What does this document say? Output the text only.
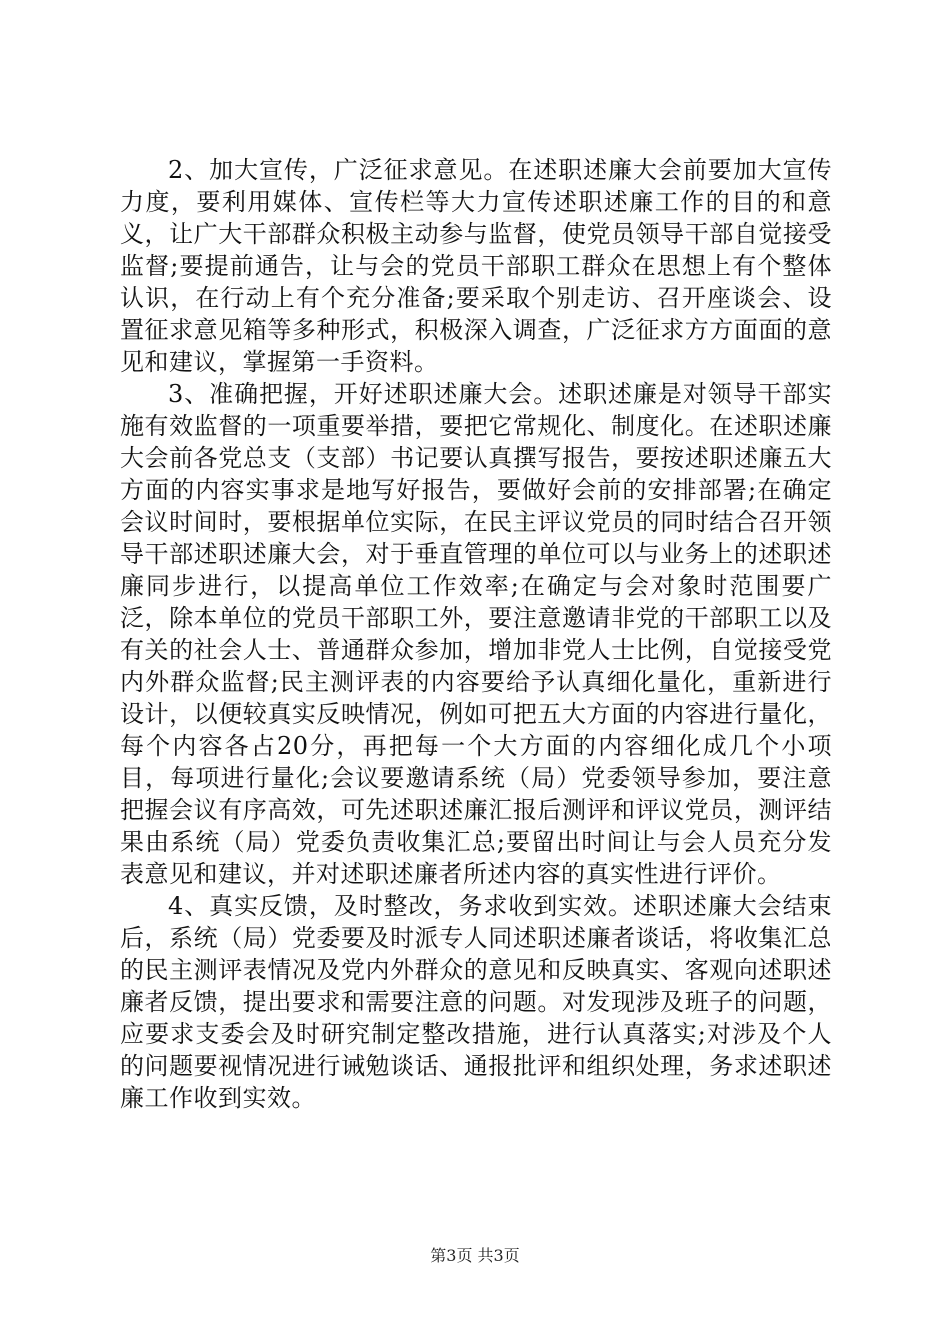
2、加大宣传，广泛征求意见。在述职述廉大会前要加大宣传力度，要利用媒体、宣传栏等大力宣传述职述廉工作的目的和意义，让广大干部群众积极主动参与监督，使党员领导干部自觉接受监督;要提前通告，让与会的党员干部职工群众在思想上有个整体认识，在行动上有个充分准备;要采取个别走访、召开座谈会、设置征求意见箱等多种形式，积极深入调查，广泛征求方方面面的意见和建议，掌握第一手资料。

3、准确把握，开好述职述廉大会。述职述廉是对领导干部实施有效监督的一项重要举措，要把它常规化、制度化。在述职述廉大会前各党总支（支部）书记要认真撰写报告，要按述职述廉五大方面的内容实事求是地写好报告，要做好会前的安排部署;在确定会议时间时，要根据单位实际，在民主评议党员的同时结合召开领导干部述职述廉大会，对于垂直管理的单位可以与业务上的述职述廉同步进行，以提高单位工作效率;在确定与会对象时范围要广泛，除本单位的党员干部职工外，要注意邀请非党的干部职工以及有关的社会人士、普通群众参加，增加非党人士比例，自觉接受党内外群众监督;民主测评表的内容要给予认真细化量化，重新进行设计，以便较真实反映情况，例如可把五大方面的内容进行量化，每个内容各占20分，再把每一个大方面的内容细化成几个小项目，每项进行量化;会议要邀请系统（局）党委领导参加，要注意把握会议有序高效，可先述职述廉汇报后测评和评议党员，测评结果由系统（局）党委负责收集汇总;要留出时间让与会人员充分发表意见和建议，并对述职述廉者所述内容的真实性进行评价。

4、真实反馈，及时整改，务求收到实效。述职述廉大会结束后，系统（局）党委要及时派专人同述职述廉者谈话，将收集汇总的民主测评表情况及党内外群众的意见和反映真实、客观向述职述廉者反馈，提出要求和需要注意的问题。对发现涉及班子的问题，应要求支委会及时研究制定整改措施，进行认真落实;对涉及个人的问题要视情况进行诫勉谈话、通报批评和组织处理，务求述职述廉工作收到实效。

第3页 共3页
